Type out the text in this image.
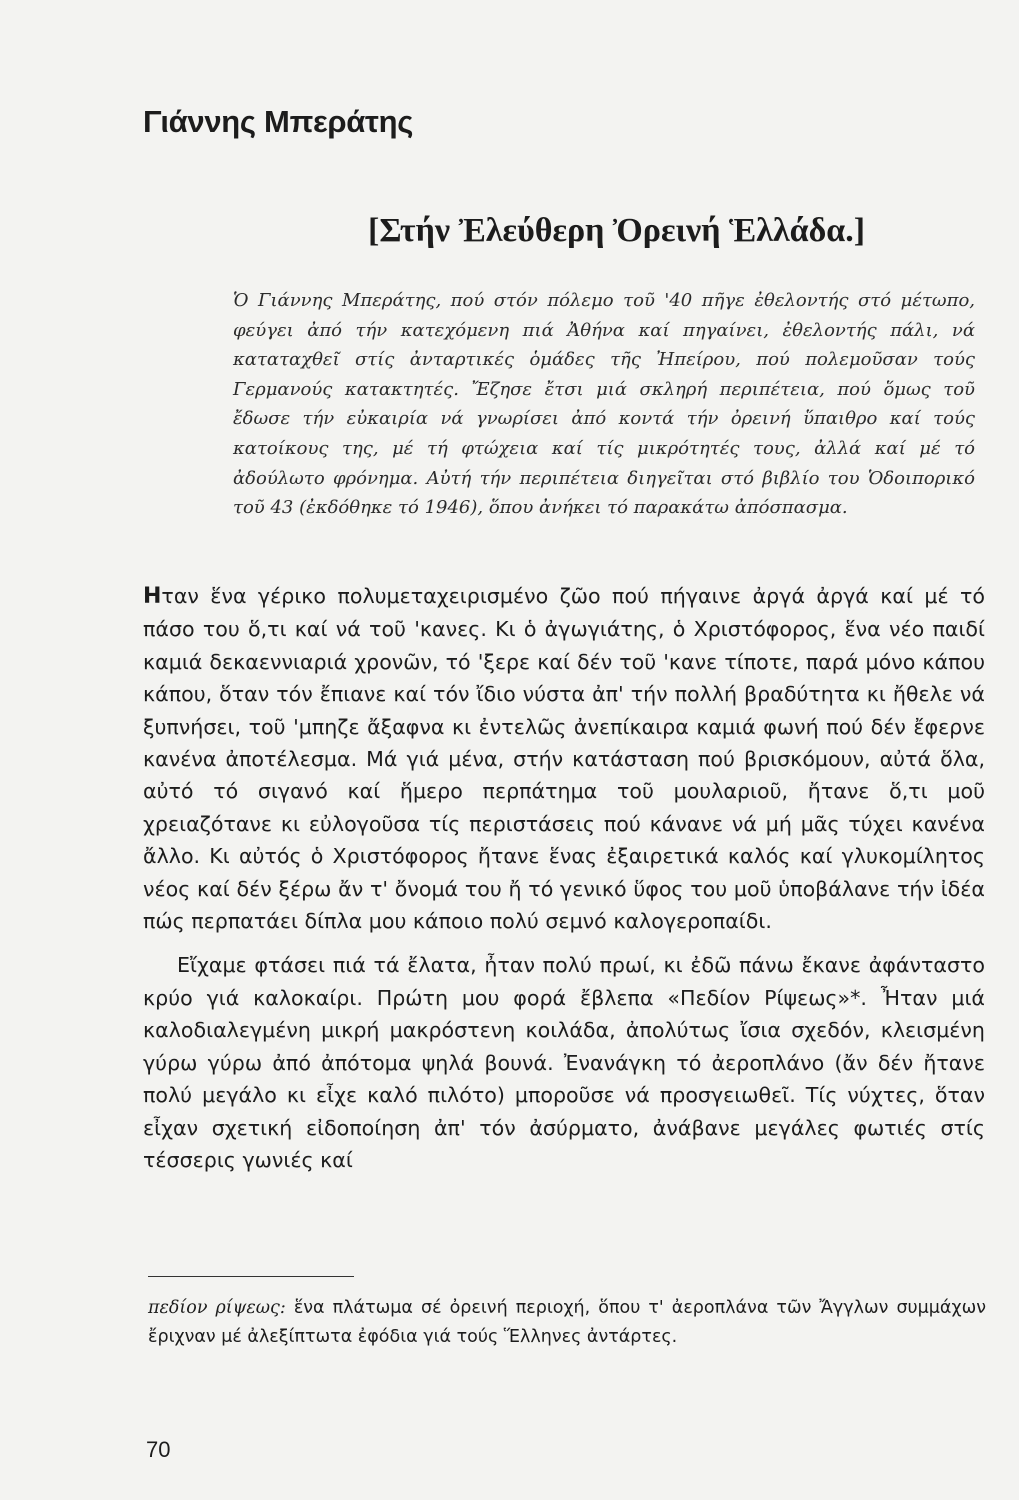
Γιάννης Μπεράτης
[Στήν Ἐλεύθερη Ὀρεινή Ἑλλάδα.]
Ὁ Γιάννης Μπεράτης, πού στόν πόλεμο τοῦ '40 πῆγε ἐθελοντής στό μέτωπο, φεύγει ἀπό τήν κατεχόμενη πιά Ἀθήνα καί πηγαίνει, ἐθελοντής πάλι, νά καταταχθεῖ στίς ἀνταρτικές ὁμάδες τῆς Ἠπείρου, πού πολεμοῦσαν τούς Γερμανούς κατακτητές. Ἔζησε ἔτσι μιά σκληρή περιπέτεια, πού ὅμως τοῦ ἔδωσε τήν εὐκαιρία νά γνωρίσει ἀπό κοντά τήν ὀρεινή ὕπαιθρο καί τούς κατοίκους της, μέ τή φτώχεια καί τίς μικρότητές τους, ἀλλά καί μέ τό ἀδούλωτο φρόνημα. Αὐτή τήν περιπέτεια διηγεῖται στό βιβλίο του Ὁδοιπορικό τοῦ 43 (ἐκδόθηκε τό 1946), ὅπου ἀνήκει τό παρακάτω ἀπόσπασμα.

Ηταν ἕνα γέρικο πολυμεταχειρισμένο ζῶο πού πήγαινε ἀργά ἀργά καί μέ τό πάσο του ὅ,τι καί νά τοῦ 'κανες. Κι ὁ ἀγωγιάτης, ὁ Χριστόφορος, ἕνα νέο παιδί καμιά δεκαεννιαριά χρονῶν, τό 'ξερε καί δέν τοῦ 'κανε τίποτε, παρά μόνο κάπου κάπου, ὅταν τόν ἔπιανε καί τόν ἴδιο νύστα ἀπ' τήν πολλή βραδύτητα κι ἤθελε νά ξυπνήσει, τοῦ 'μπηζε ἄξαφνα κι ἐντελῶς ἀνεπίκαιρα καμιά φωνή πού δέν ἔφερνε κανένα ἀποτέλεσμα. Μά γιά μένα, στήν κατάσταση πού βρισκόμουν, αὐτά ὅλα, αὐτό τό σιγανό καί ἥμερο περπάτημα τοῦ μουλαριοῦ, ἤτανε ὅ,τι μοῦ χρειαζότανε κι εὐλογοῦσα τίς περιστάσεις πού κάνανε νά μή μᾶς τύχει κανένα ἄλλο. Κι αὐτός ὁ Χριστόφορος ἤτανε ἕνας ἐξαιρετικά καλός καί γλυκομίλητος νέος καί δέν ξέρω ἄν τ' ὄνομά του ἤ τό γενικό ὕφος του μοῦ ὑποβάλανε τήν ἰδέα πώς περπατάει δίπλα μου κάποιο πολύ σεμνό καλογεροπαίδι.

Εἴχαμε φτάσει πιά τά ἔλατα, ἦταν πολύ πρωί, κι ἐδῶ πάνω ἔκανε ἀφάνταστο κρύο γιά καλοκαίρι. Πρώτη μου φορά ἔβλεπα «Πεδίον Ρίψεως»*. Ἦταν μιά καλοδιαλεγμένη μικρή μακρόστενη κοιλάδα, ἀπολύτως ἴσια σχεδόν, κλεισμένη γύρω γύρω ἀπό ἀπότομα ψηλά βουνά. Ἐνανάγκη τό ἀεροπλάνο (ἄν δέν ἤτανε πολύ μεγάλο κι εἶχε καλό πιλότο) μποροῦσε νά προσγειωθεῖ. Τίς νύχτες, ὅταν εἶχαν σχετική εἰδοποίηση ἀπ' τόν ἀσύρματο, ἀνάβανε μεγάλες φωτιές στίς τέσσερις γωνιές καί

πεδίον ρίψεως: ἕνα πλάτωμα σέ ὀρεινή περιοχή, ὅπου τ' ἀεροπλάνα τῶν Ἄγγλων συμμάχων ἔριχναν μέ ἀλεξίπτωτα ἐφόδια γιά τούς Ἕλληνες ἀντάρτες.

70
